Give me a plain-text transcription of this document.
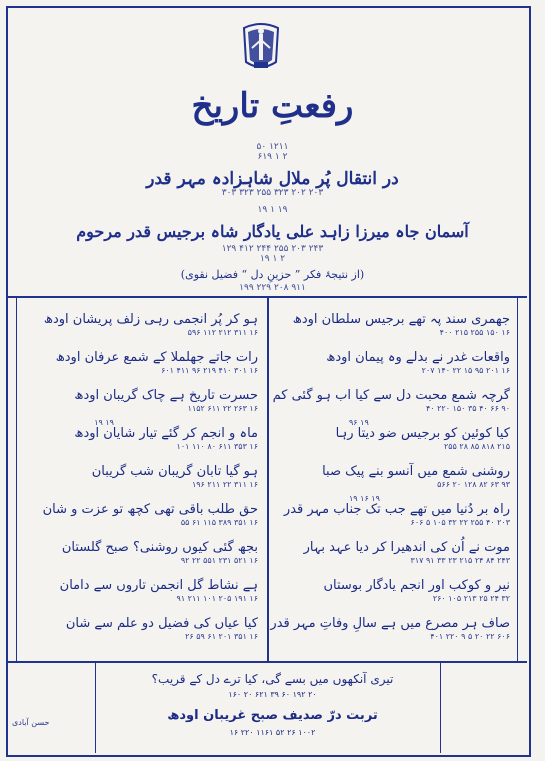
رفعتِ تاریخ
۱۲۱۱ ۵۰
۲ ۱ ۶۱۹
در انتقال پُر ملال شاہزادہ مہر قدر
۲۰۳ ۲۰۲ ۳۲۳ ۲۵۵ ۳۲۳ ۳۰۳
۱۹ ۱ ۱۹
آسمان جاہ میرزا زاہد علی یادگار شاہ برجیس قدر مرحوم
۲۴۳ ۲۰۳ ۲۵۵ ۲۴۴ ۴۱۲ ۱۲۹
۲ ۱ ۱۹
(از نتیجۂ فکر ” حزینِ دل “ فضیل نقوی)
۹۱۱ ۲۰۸ ۲۲۹ ۱۹۹
جھمری سند پہ تھے برجیس سلطان اودھ
۱۶ ۱۵۰ ۲۵۵ ۲۱۵ ۴۰۰
واقعات غدر نے بدلے وہ پیمان اودھ
۱۶ ۲۰۱ ۹۵ ۱۵ ۲۲ ۱۴۰ ۲۰۷
گرچہ شمع محبت دل سے کیا اب ہو گئی کم
۹۰ ۶۶ ۴۰ ۳۵ ۱۵۰ ۲۲۰ ۴۰
۱۹ ۹۶
کیا کوئین کو برجیس ضو دیتا رہا
۲۱۵ ۸۱۸ ۸۵ ۲۸ ۲۵۵
روشنی شمع میں آنسو بنے پیک صبا
۹۳ ۶۳ ۸۲ ۱۲۸ ۲۰ ۵۶۶
۱۹ ۱۶ ۱۹
راہ بر دُنیا میں تھے جب تک جناب مہر قدر
۲۰۳ ۴۰ ۲۵۵ ۲۲ ۳۲ ۱۰۵ ۵ ۶۰۶
موت نے اُن کی اندھیرا کر دیا عہد بہار
۲۴۳ ۸۴ ۲۴ ۲۱۵ ۲۳ ۳۳ ۹۱ ۳۱۷
نیر و کوکب اور انجم یادگار بوستاں
۳۲ ۲۴ ۲۵ ۲۱۳ ۱۰۵ ۲۶۰
صاف ہر مصرع میں ہے سالِ وفاتِ مہر قدر
۶۰۶ ۲۲ ۲۰ ۵ ۹ ۲۲۰ ۴۰۱
ہو کر پُر انجمی رہی زلف پریشان اودھ
۱۶ ۳۱۱ ۲۱۲ ۱۱۲ ۵۹۶
رات جاتے جھلملا کے شمع عرفان اودھ
۱۶ ۳۰۱ ۴۱۰ ۲۱۹ ۹۶ ۴۱۱ ۶۰۱
حسرت تاریخ ہے چاک گریبان اودھ
۱۶ ۲۶۳ ۲۲ ۶۱۱ ۱۱۵۲
۱۹ ۱۹
ماہ و انجم کر گئے تیار شایان اودھ
۱۶ ۳۵۳ ۶۱۱ ۸۰ ۱۱۰ ۱۰۱
ہو گیا تابان گریبان شب گریبان
۱۶ ۳۱۱ ۲۲ ۲۱۱ ۱۹۶
حق طلب باقی تھی کچھ تو عزت و شان
۱۶ ۳۵۱ ۳۸۹ ۱۱۵ ۶۱ ۵۵
بجھ گئی کیوں روشنی؟ صبح گلستان
۱۶ ۵۲۱ ۲۳۱ ۵۵۱ ۲۲ ۹۲
ہے نشاط گل انجمن تاروں سے دامان
۱۶ ۱۹۱ ۲۰۵ ۱۰۱ ۲۱۱ ۹۱
کیا عیاں کی فضیل دو علم سے شان
۱۶ ۳۵۱ ۲۰۱ ۶۱ ۵۹ ۲۶
تیری آنکھوں میں بسے گی، کیا ترے دل کے قریب؟
۲۰ ۱۹۲ ۶۰ ۳۹ ۶۲۱ ۲۰ ۱۶۰
تربت درّ صدیف صبح غریبان اودھ
۱۰۰۲ ۲۶ ۵۲ ۱۱۶۱ ۲۲۰ ۱۶
حسن آبادی
